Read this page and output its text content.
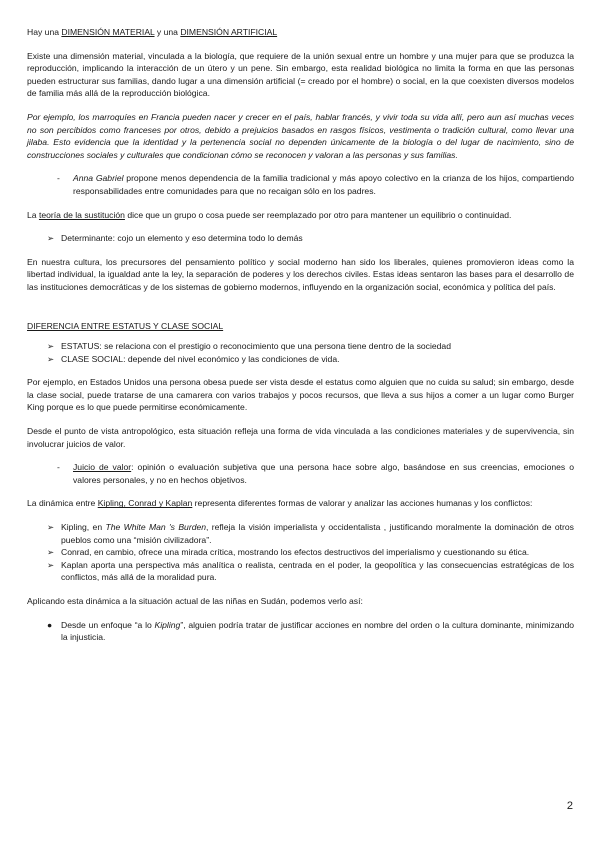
Hay una DIMENSIÓN MATERIAL y una DIMENSIÓN ARTIFICIAL

Existe una dimensión material, vinculada a la biología, que requiere de la unión sexual entre un hombre y una mujer para que se produzca la reproducción, implicando la interacción de un útero y un pene. Sin embargo, esta realidad biológica no limita la forma en que las personas pueden estructurar sus familias, dando lugar a una dimensión artificial (= creado por el hombre) o social, en la que coexisten diversos modelos de familia más allá de la reproducción biológica.

Por ejemplo, los marroquíes en Francia pueden nacer y crecer en el país, hablar francés, y vivir toda su vida allí, pero aun así muchas veces no son percibidos como franceses por otros, debido a prejuicios basados en rasgos físicos, vestimenta o tradición cultural, como llevar una jilaba. Esto evidencia que la identidad y la pertenencia social no dependen únicamente de la biología o del lugar de nacimiento, sino de construcciones sociales y culturales que condicionan cómo se reconocen y valoran a las personas y sus familias.

- Anna Gabriel propone menos dependencia de la familia tradicional y más apoyo colectivo en la crianza de los hijos, compartiendo responsabilidades entre comunidades para que no recaigan sólo en los padres.

La teoría de la sustitución dice que un grupo o cosa puede ser reemplazado por otro para mantener un equilibrio o continuidad.

➢ Determinante: cojo un elemento y eso determina todo lo demás

En nuestra cultura, los precursores del pensamiento político y social moderno han sido los liberales, quienes promovieron ideas como la libertad individual, la igualdad ante la ley, la separación de poderes y los derechos civiles. Estas ideas sentaron las bases para el desarrollo de las instituciones democráticas y de los sistemas de gobierno modernos, influyendo en la organización social, económica y política del país.

DIFERENCIA ENTRE ESTATUS Y CLASE SOCIAL

➢ ESTATUS: se relaciona con el prestigio o reconocimiento que una persona tiene dentro de la sociedad
➢ CLASE SOCIAL: depende del nivel económico y las condiciones de vida.

Por ejemplo, en Estados Unidos una persona obesa puede ser vista desde el estatus como alguien que no cuida su salud; sin embargo, desde la clase social, puede tratarse de una camarera con varios trabajos y pocos recursos, que lleva a sus hijos a comer a un lugar como Burger King porque es lo que puede permitirse económicamente.

Desde el punto de vista antropológico, esta situación refleja una forma de vida vinculada a las condiciones materiales y de supervivencia, sin involucrar juicios de valor.

- Juicio de valor: opinión o evaluación subjetiva que una persona hace sobre algo, basándose en sus creencias, emociones o valores personales, y no en hechos objetivos.

La dinámica entre Kipling, Conrad y Kaplan representa diferentes formas de valorar y analizar las acciones humanas y los conflictos:

➢ Kipling, en The White Man 's Burden, refleja la visión imperialista y occidentalista , justificando moralmente la dominación de otros pueblos como una “misión civilizadora”.
➢ Conrad, en cambio, ofrece una mirada crítica, mostrando los efectos destructivos del imperialismo y cuestionando su ética.
➢ Kaplan aporta una perspectiva más analítica o realista, centrada en el poder, la geopolítica y las consecuencias estratégicas de los conflictos, más allá de la moralidad pura.

Aplicando esta dinámica a la situación actual de las niñas en Sudán, podemos verlo así:

● Desde un enfoque “a lo Kipling”, alguien podría tratar de justificar acciones en nombre del orden o la cultura dominante, minimizando la injusticia.
2
